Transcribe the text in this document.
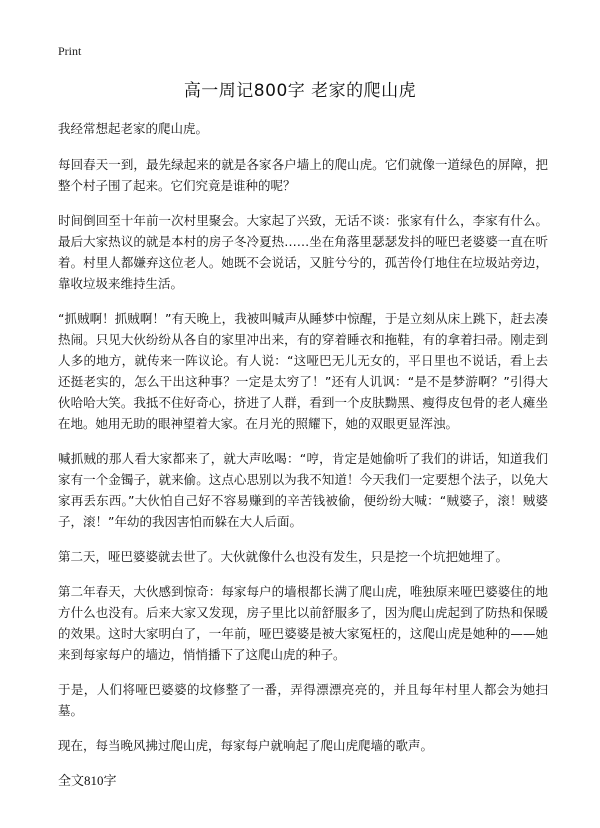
Print
高一周记800字 老家的爬山虎

我经常想起老家的爬山虎。

每回春天一到，最先绿起来的就是各家各户墙上的爬山虎。它们就像一道绿色的屏障，把整个村子围了起来。它们究竟是谁种的呢？

时间倒回至十年前一次村里聚会。大家起了兴致，无话不谈：张家有什么，李家有什么。最后大家热议的就是本村的房子冬冷夏热……坐在角落里瑟瑟发抖的哑巴老婆婆一直在听着。村里人都嫌弃这位老人。她既不会说话，又脏兮兮的，孤苦伶仃地住在垃圾站旁边，靠收垃圾来维持生活。

“抓贼啊！抓贼啊！”有天晚上，我被叫喊声从睡梦中惊醒，于是立刻从床上跳下，赶去凑热闹。只见大伙纷纷从各自的家里冲出来，有的穿着睡衣和拖鞋，有的拿着扫帚。刚走到人多的地方，就传来一阵议论。有人说：“这哑巴无儿无女的，平日里也不说话，看上去还挺老实的，怎么干出这种事？一定是太穷了！”还有人讥讽：“是不是梦游啊？”引得大伙哈哈大笑。我抵不住好奇心，挤进了人群，看到一个皮肤黝黑、瘦得皮包骨的老人瘫坐在地。她用无助的眼神望着大家。在月光的照耀下，她的双眼更显浑浊。

喊抓贼的那人看大家都来了，就大声吆喝：“哼，肯定是她偷听了我们的讲话，知道我们家有一个金镯子，就来偷。这点心思别以为我不知道！今天我们一定要想个法子，以免大家再丢东西。”大伙怕自己好不容易赚到的辛苦钱被偷，便纷纷大喊：“贼婆子，滚！贼婆子，滚！”年幼的我因害怕而躲在大人后面。

第二天，哑巴婆婆就去世了。大伙就像什么也没有发生，只是挖一个坑把她埋了。

第二年春天，大伙感到惊奇：每家每户的墙根都长满了爬山虎，唯独原来哑巴婆婆住的地方什么也没有。后来大家又发现，房子里比以前舒服多了，因为爬山虎起到了防热和保暖的效果。这时大家明白了，一年前，哑巴婆婆是被大家冤枉的，这爬山虎是她种的——她来到每家每户的墙边，悄悄播下了这爬山虎的种子。

于是，人们将哑巴婆婆的坟修整了一番，弄得漂漂亮亮的，并且每年村里人都会为她扫墓。

现在，每当晚风拂过爬山虎，每家每户就响起了爬山虎爬墙的歌声。

全文810字
